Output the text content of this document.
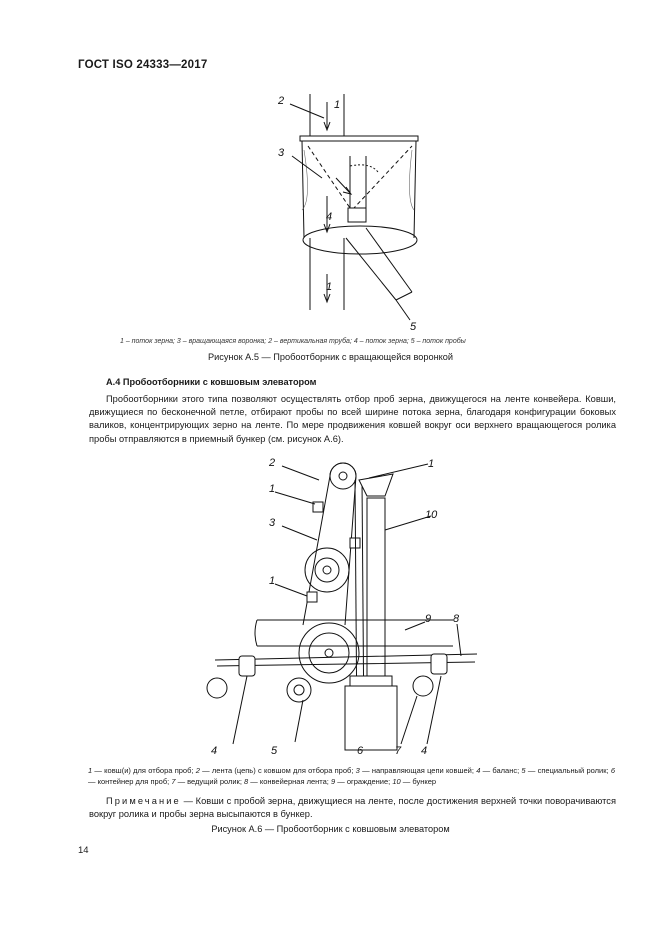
ГОСТ ISO 24333—2017
2	1
3
4
1
5
1 – поток зерна; 3 – вращающаяся воронка; 2 – вертикальная труба; 4 – поток зерна; 5 – поток пробы
Рисунок А.5 — Пробоотборник с вращающейся воронкой
А.4 Пробоотборники с ковшовым элеватором
Пробоотборники этого типа позволяют осуществлять отбор проб зерна, движущегося на ленте конвейера. Ковши, движущиеся по бесконечной петле, отбирают пробы по всей ширине потока зерна, благодаря конфигурации боковых валиков, концентрирующих зерно на ленте. По мере продвижения ковшей вокруг оси верхнего вращающегося ролика пробы отправляются в приемный бункер (см. рисунок А.6).
2	1
1
3
1
10
9 8
4	5	6	7 4
1 — ковш(и) для отбора проб; 2 — лента (цепь) с ковшом для отбора проб; 3 — направляющая цепи ковшей; 4 — баланс; 5 — специальный ролик; 6 — контейнер для проб; 7 — ведущий ролик; 8 — конвейерная лента; 9 — ограждение; 10 — бункер
Примечание — Ковши с пробой зерна, движущиеся на ленте, после достижения верхней точки поворачиваются вокруг ролика и пробы зерна высыпаются в бункер.
Рисунок А.6 — Пробоотборник с ковшовым элеватором
14
